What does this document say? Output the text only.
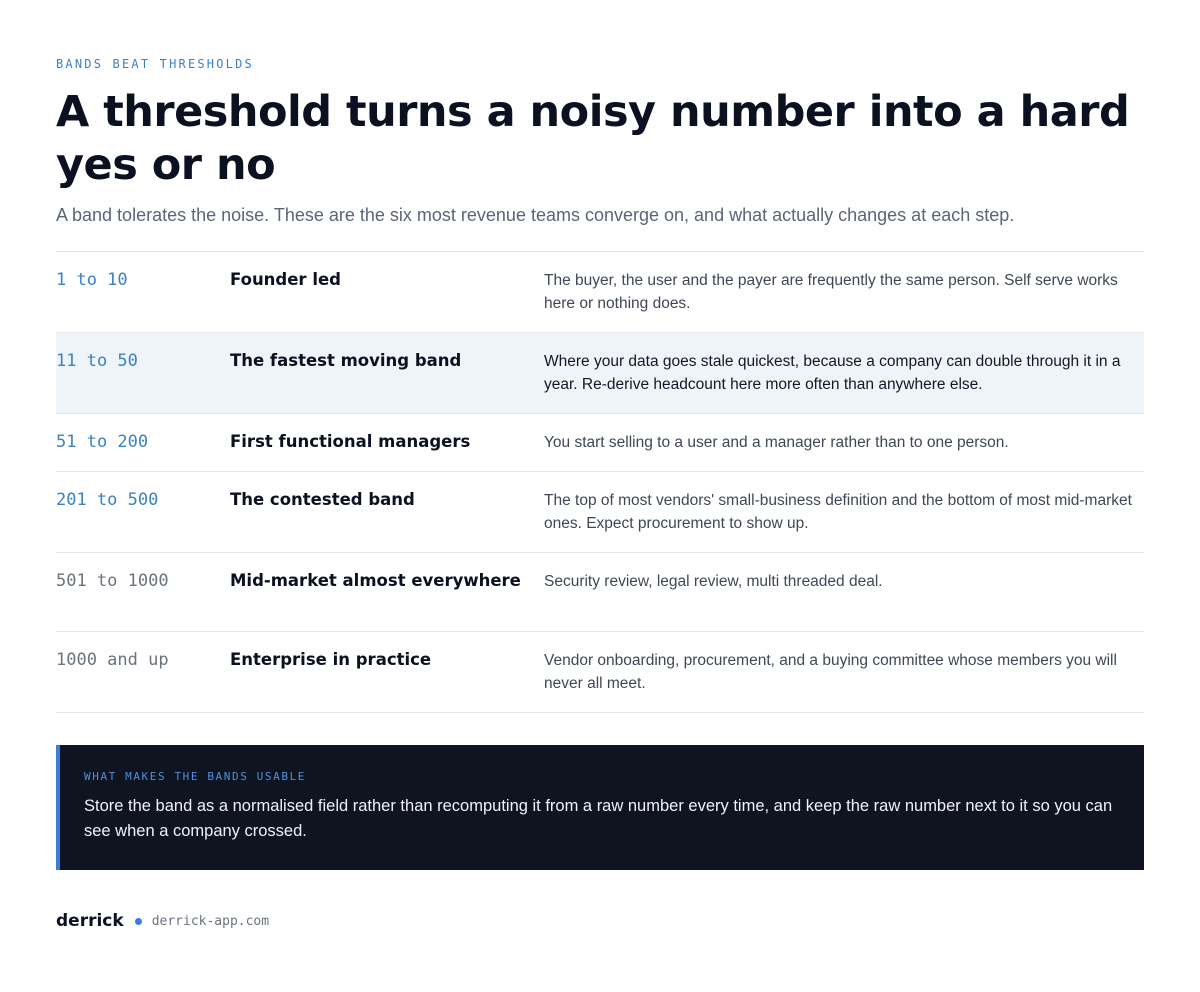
BANDS BEAT THRESHOLDS

A threshold turns a noisy number into a hard yes or no

A band tolerates the noise. These are the six most revenue teams converge on, and what actually changes at each step.

1 to 10	Founder led	The buyer, the user and the payer are frequently the same person. Self serve works here or nothing does.
11 to 50	The fastest moving band	Where your data goes stale quickest, because a company can double through it in a year. Re-derive headcount here more often than anywhere else.
51 to 200	First functional managers	You start selling to a user and a manager rather than to one person.
201 to 500	The contested band	The top of most vendors' small-business definition and the bottom of most mid-market ones. Expect procurement to show up.
501 to 1000	Mid-market almost everywhere	Security review, legal review, multi threaded deal.
1000 and up	Enterprise in practice	Vendor onboarding, procurement, and a buying committee whose members you will never all meet.

WHAT MAKES THE BANDS USABLE

Store the band as a normalised field rather than recomputing it from a raw number every time, and keep the raw number next to it so you can see when a company crossed.

derrick derrick-app.com
